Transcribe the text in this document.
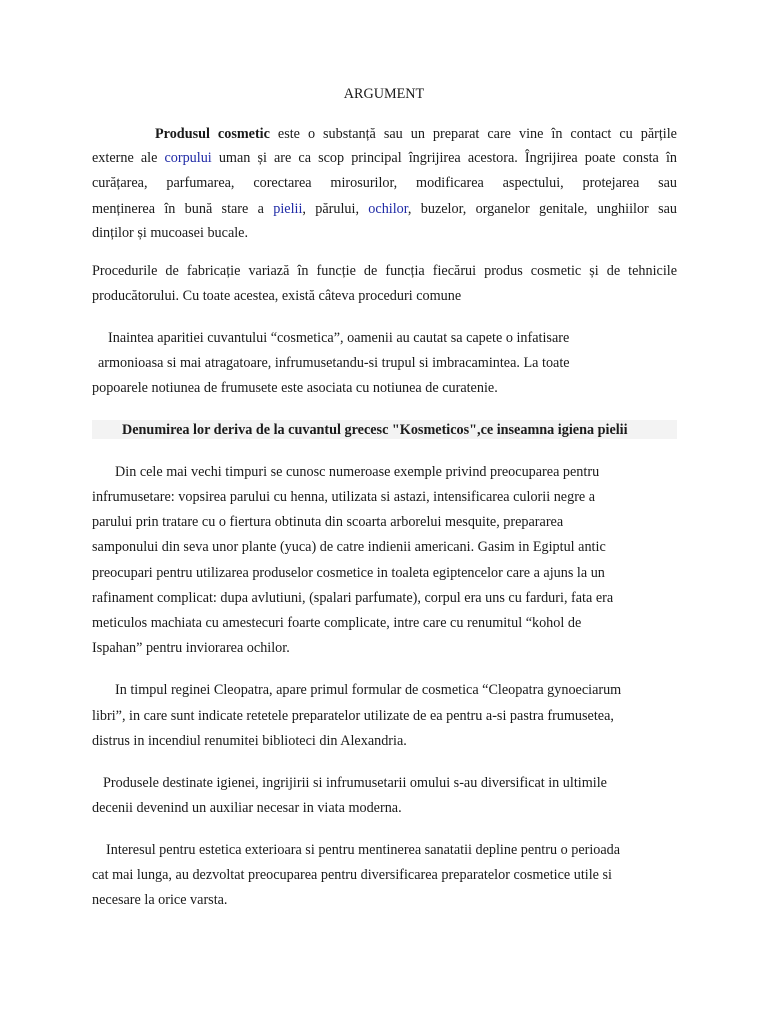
ARGUMENT
Produsul cosmetic este o substanță sau un preparat care vine în contact cu părțile
externe ale corpului uman și are ca scop principal îngrijirea acestora. Îngrijirea poate consta în
curățarea, parfumarea, corectarea mirosurilor, modificarea aspectului, protejarea sau
menținerea în bună stare a pielii, părului, ochilor, buzelor, organelor genitale, unghiilor sau
dinților și mucoasei bucale.
Procedurile de fabricație variază în funcție de funcția fiecărui produs cosmetic și de tehnicile
producătorului. Cu toate acestea, există câteva proceduri comune
Inaintea aparitiei cuvantului “cosmetica”, oamenii au cautat sa capete o infatisare
armonioasa si mai atragatoare, infrumusetandu-si trupul si imbracamintea. La toate
popoarele notiunea de frumusete este asociata cu notiunea de curatenie.
Denumirea lor deriva de la cuvantul grecesc "Kosmeticos",ce inseamna igiena pielii
Din cele mai vechi timpuri se cunosc numeroase exemple privind preocuparea pentru
infrumusetare: vopsirea parului cu henna, utilizata si astazi, intensificarea culorii negre a
parului prin tratare cu o fiertura obtinuta din scoarta arborelui mesquite, prepararea
samponului din seva unor plante (yuca) de catre indienii americani. Gasim in Egiptul antic
preocupari pentru utilizarea produselor cosmetice in toaleta egiptencelor care a ajuns la un
rafinament complicat: dupa avlutiuni, (spalari parfumate), corpul era uns cu farduri, fata era
meticulos machiata cu amestecuri foarte complicate, intre care cu renumitul “kohol de
Ispahan” pentru inviorarea ochilor.
In timpul reginei Cleopatra, apare primul formular de cosmetica “Cleopatra gynoeciarum
libri”, in care sunt indicate retetele preparatelor utilizate de ea pentru a-si pastra frumusetea,
distrus in incendiul renumitei biblioteci din Alexandria.
Produsele destinate igienei, ingrijirii si infrumusetarii omului s-au diversificat in ultimile
decenii devenind un auxiliar necesar in viata moderna.
Interesul pentru estetica exterioara si pentru mentinerea sanatatii depline pentru o perioada
cat mai lunga, au dezvoltat preocuparea pentru diversificarea preparatelor cosmetice utile si
necesare la orice varsta.
